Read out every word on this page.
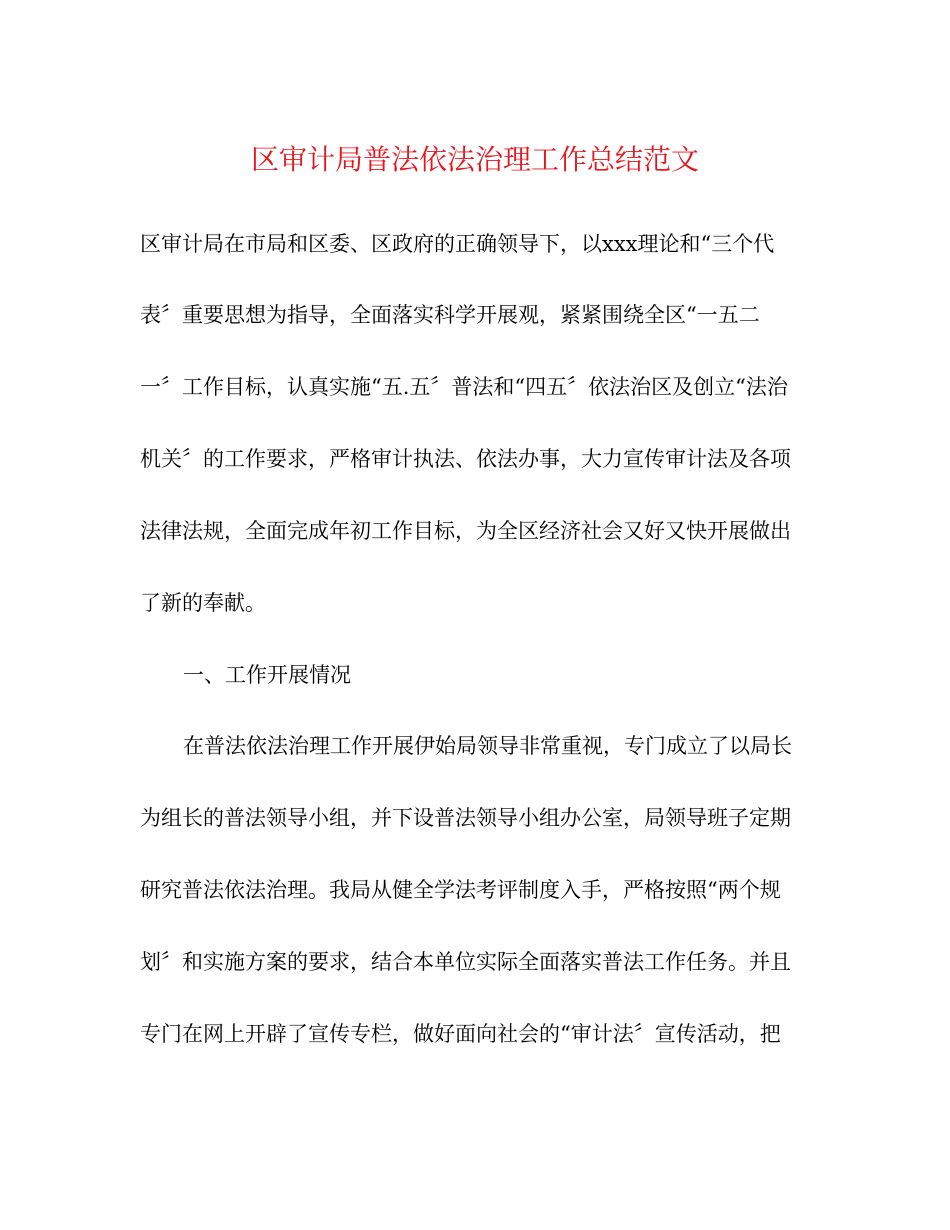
区审计局普法依法治理工作总结范文
区审计局在市局和区委、区政府的正确领导下，以xxx理论和“三个代
表〞重要思想为指导，全面落实科学开展观，紧紧围绕全区“一五二
一〞工作目标，认真实施“五.五〞普法和“四五〞依法治区及创立“法治
机关〞的工作要求，严格审计执法、依法办事，大力宣传审计法及各项
法律法规，全面完成年初工作目标，为全区经济社会又好又快开展做出
了新的奉献。
一、工作开展情况
在普法依法治理工作开展伊始局领导非常重视，专门成立了以局长
为组长的普法领导小组，并下设普法领导小组办公室，局领导班子定期
研究普法依法治理。我局从健全学法考评制度入手，严格按照“两个规
划〞和实施方案的要求，结合本单位实际全面落实普法工作任务。并且
专门在网上开辟了宣传专栏，做好面向社会的“审计法〞宣传活动，把
